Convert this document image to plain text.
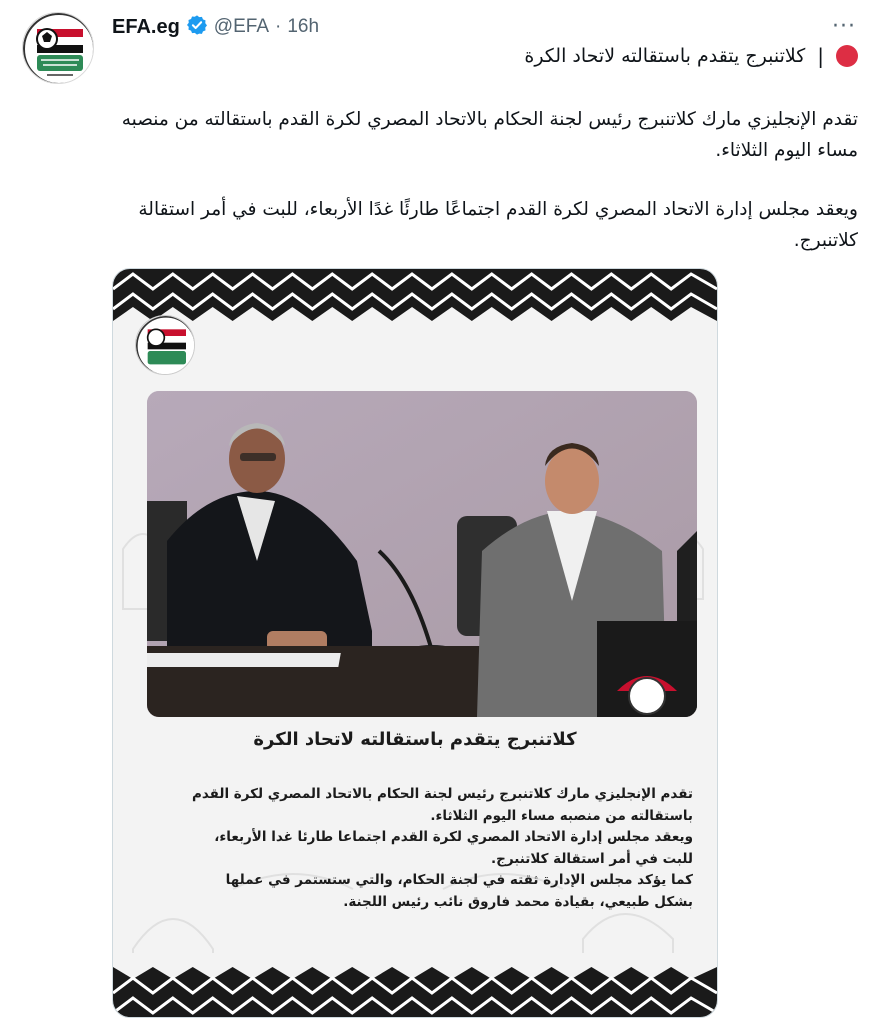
EFA.eg @EFA · 16h	···
|
كلاتنبرج يتقدم باستقالته لاتحاد الكرة

تقدم الإنجليزي مارك كلاتنبرج رئيس لجنة الحكام بالاتحاد المصري لكرة القدم باستقالته من منصبه مساء اليوم الثلاثاء.

ويعقد مجلس إدارة الاتحاد المصري لكرة القدم اجتماعًا طارئًا غدًا الأربعاء، للبت في أمر استقالة كلاتنبرج.

كلاتنبرج يتقدم باستقالته لاتحاد الكرة
تقدم الإنجليزي مارك كلاتنبرج رئيس لجنة الحكام بالاتحاد المصري لكرة القدم
باستقالته من منصبه مساء اليوم الثلاثاء.
ويعقد مجلس إدارة الاتحاد المصري لكرة القدم اجتماعا طارئا غدا الأربعاء،
للبت في أمر استقالة كلاتنبرج.
كما يؤكد مجلس الإدارة ثقته في لجنة الحكام، والتي ستستمر في عملها
بشكل طبيعي، بقيادة محمد فاروق نائب رئيس اللجنة.
